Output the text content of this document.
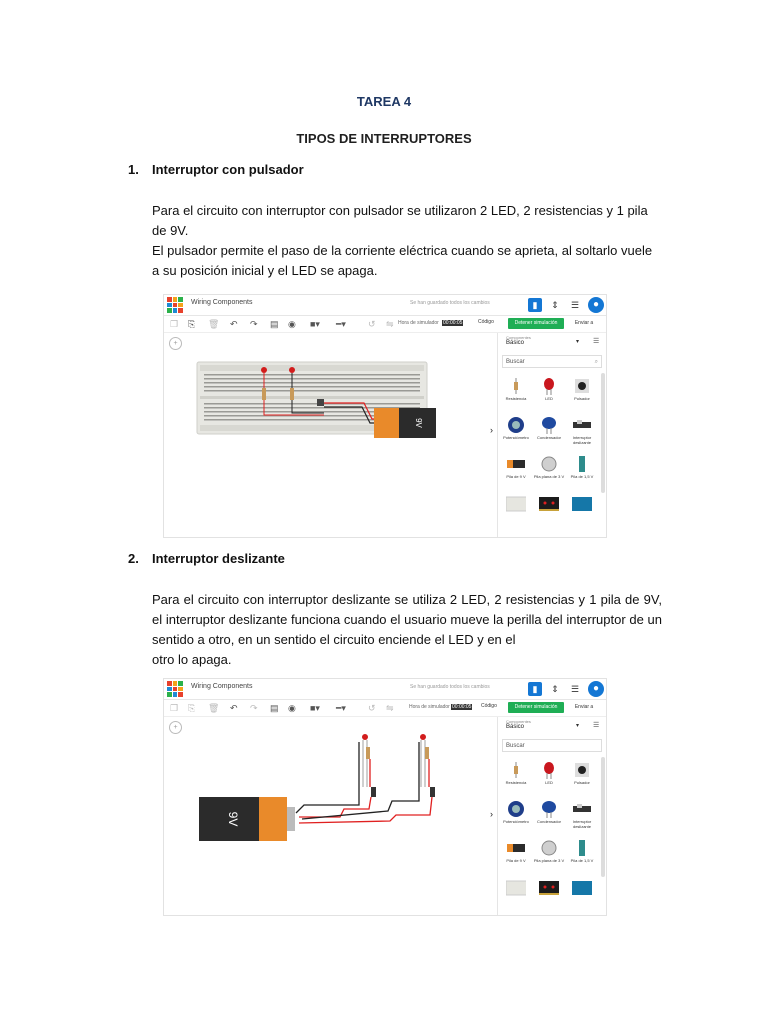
TAREA 4
TIPOS DE INTERRUPTORES
1. Interruptor con pulsador
Para el circuito con interruptor con pulsador se utilizaron 2 LED, 2 resistencias y 1 pila de 9V.
El pulsador permite el paso de la corriente eléctrica cuando se aprieta, al soltarlo vuele a su posición inicial y el LED se apaga.
Wiring Components	Se han guardado todos los cambios	▮	⇕	☰	●
❐ ⎘ 🗑 ↶ ↷ ▤ ◉ ■▾ ━▾ ↺ ⇋ Hora de simulador 00:00:05	Código	Detener simulación	Enviar a
+
9V
›
Componentes
Básico	▾ ☰
Buscar	⌕
Resistencia	LED	Pulsador
Potenciómetro	Condensador	Interruptor deslizante
Pila de 9 V	Pila plana de 3 V	Pila de 1,5 V
2. Interruptor deslizante
Para el circuito con interruptor deslizante se utiliza 2 LED, 2 resistencias y 1 pila de 9V, el interruptor deslizante funciona cuando el usuario mueve la perilla del interruptor de un sentido a otro, en un sentido el circuito enciende el LED y en el
otro lo apaga.
Wiring Components	Se han guardado todos los cambios	▮	⇕	☰	●
❐ ⎘ 🗑 ↶ ↷ ▤ ◉ ■▾ ━▾ ↺ ⇋	Hora de simulador 00:00:05 Código	Detener simulación	Enviar a
+
9V	›
Componentes
Básico	▾ ☰
Buscar
Resistencia	LED	Pulsador
Potenciómetro	Condensador	Interruptor deslizante
Pila de 9 V	Pila plana de 3 V	Pila de 1,5 V
